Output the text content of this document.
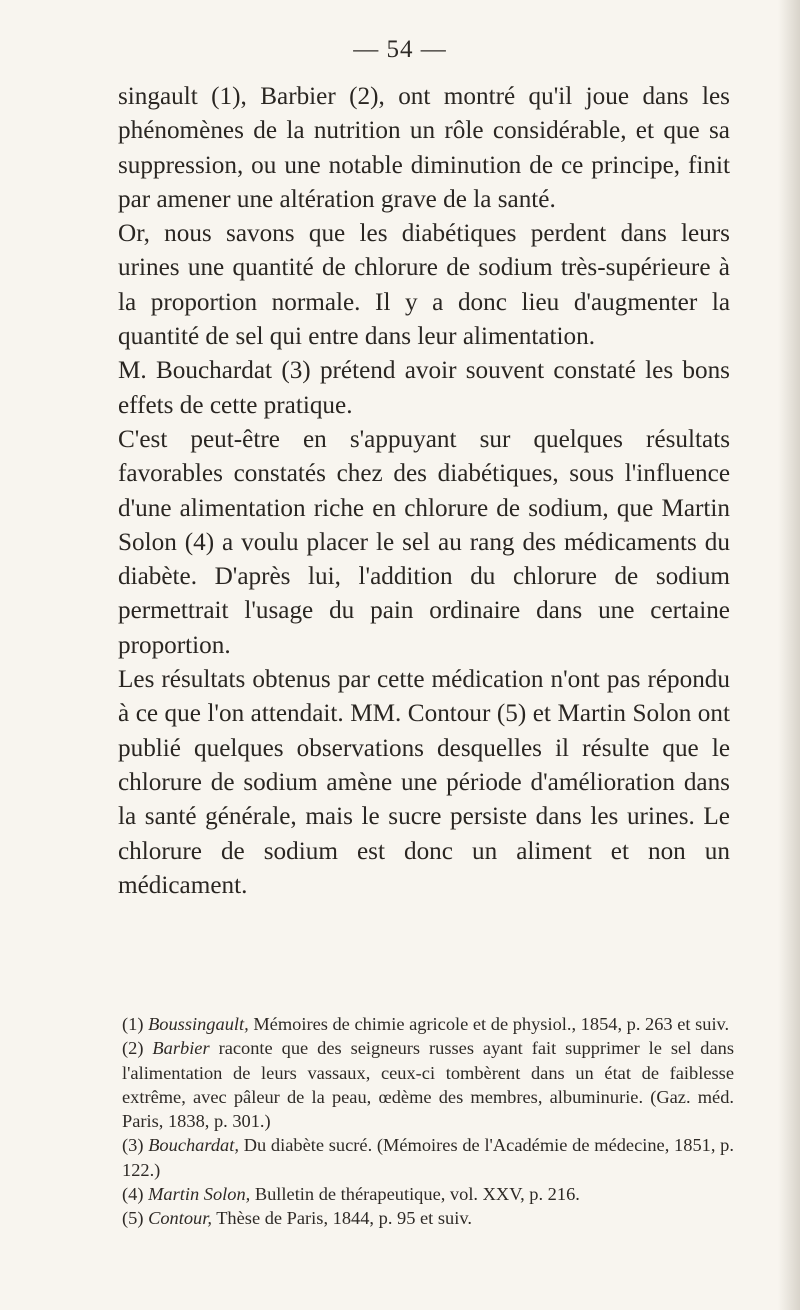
— 54 —

singault (1), Barbier (2), ont montré qu'il joue dans les phénomènes de la nutrition un rôle considérable, et que sa suppression, ou une notable diminution de ce principe, finit par amener une altération grave de la santé.

Or, nous savons que les diabétiques perdent dans leurs urines une quantité de chlorure de sodium très-supérieure à la proportion normale. Il y a donc lieu d'augmenter la quantité de sel qui entre dans leur alimentation.

M. Bouchardat (3) prétend avoir souvent constaté les bons effets de cette pratique.

C'est peut-être en s'appuyant sur quelques résultats favorables constatés chez des diabétiques, sous l'influence d'une alimentation riche en chlorure de sodium, que Martin Solon (4) a voulu placer le sel au rang des médicaments du diabète. D'après lui, l'addition du chlorure de sodium permettrait l'usage du pain ordinaire dans une certaine proportion.

Les résultats obtenus par cette médication n'ont pas répondu à ce que l'on attendait. MM. Contour (5) et Martin Solon ont publié quelques observations desquelles il résulte que le chlorure de sodium amène une période d'amélioration dans la santé générale, mais le sucre persiste dans les urines. Le chlorure de sodium est donc un aliment et non un médicament.

(1) Boussingault, Mémoires de chimie agricole et de physiol., 1854, p. 263 et suiv.

(2) Barbier raconte que des seigneurs russes ayant fait supprimer le sel dans l'alimentation de leurs vassaux, ceux-ci tombèrent dans un état de faiblesse extrême, avec pâleur de la peau, œdème des membres, albuminurie. (Gaz. méd. Paris, 1838, p. 301.)

(3) Bouchardat, Du diabète sucré. (Mémoires de l'Académie de médecine, 1851, p. 122.)

(4) Martin Solon, Bulletin de thérapeutique, vol. XXV, p. 216.

(5) Contour, Thèse de Paris, 1844, p. 95 et suiv.
